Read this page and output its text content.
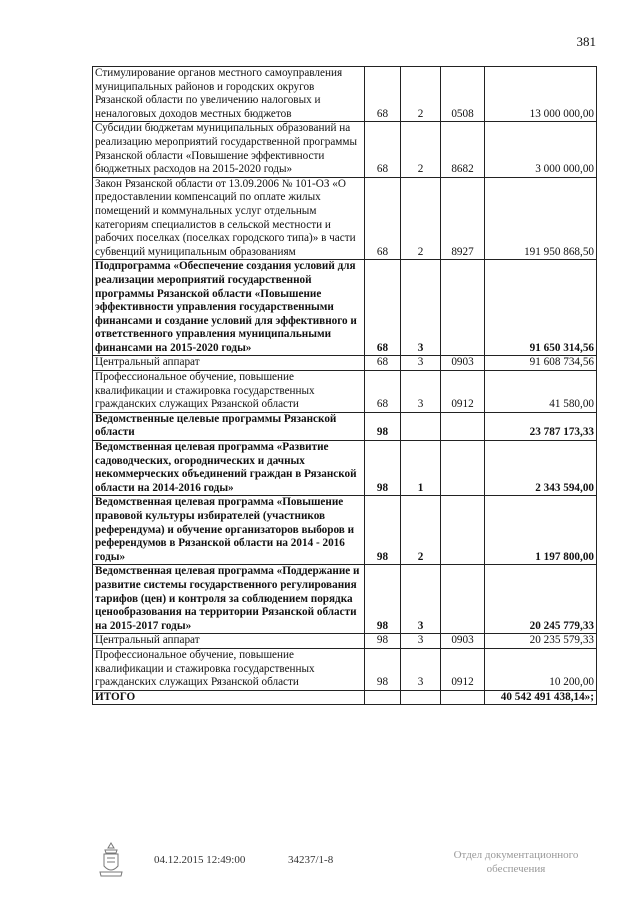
381
Стимулирование органов местного самоуправления муниципальных районов и городских округов Рязанской области по увеличению налоговых и неналоговых доходов местных бюджетов	68	2	0508	13 000 000,00
Субсидии бюджетам муниципальных образований на реализацию мероприятий государственной программы Рязанской области «Повышение эффективности бюджетных расходов на 2015-2020 годы»	68	2	8682	3 000 000,00
Закон Рязанской области от 13.09.2006 № 101-ОЗ «О предоставлении компенсаций по оплате жилых помещений и коммунальных услуг отдельным категориям специалистов в сельской местности и рабочих поселках (поселках городского типа)» в части субвенций муниципальным образованиям	68	2	8927	191 950 868,50
Подпрограмма «Обеспечение создания условий для реализации мероприятий государственной программы Рязанской области «Повышение эффективности управления государственными финансами и создание условий для эффективного и ответственного управления муниципальными финансами на 2015-2020 годы»	68	3		91 650 314,56
Центральный аппарат	68	3	0903	91 608 734,56
Профессиональное обучение, повышение квалификации и стажировка государственных гражданских служащих Рязанской области	68	3	0912	41 580,00
Ведомственные целевые программы Рязанской области	98			23 787 173,33
Ведомственная целевая программа «Развитие садоводческих, огороднических и дачных некоммерческих объединений граждан в Рязанской области на 2014-2016 годы»	98	1		2 343 594,00
Ведомственная целевая программа «Повышение правовой культуры избирателей (участников референдума) и обучение организаторов выборов и референдумов в Рязанской области на 2014 - 2016 годы»	98	2		1 197 800,00
Ведомственная целевая программа «Поддержание и развитие системы государственного регулирования тарифов (цен) и контроля за соблюдением порядка ценообразования на территории Рязанской области на 2015-2017 годы»	98	3		20 245 779,33
Центральный аппарат	98	3	0903	20 235 579,33
Профессиональное обучение, повышение квалификации и стажировка государственных гражданских служащих Рязанской области	98	3	0912	10 200,00
ИТОГО				40 542 491 438,14»;
04.12.2015 12:49:00	34237/1-8	Отдел документационного обеспечения
